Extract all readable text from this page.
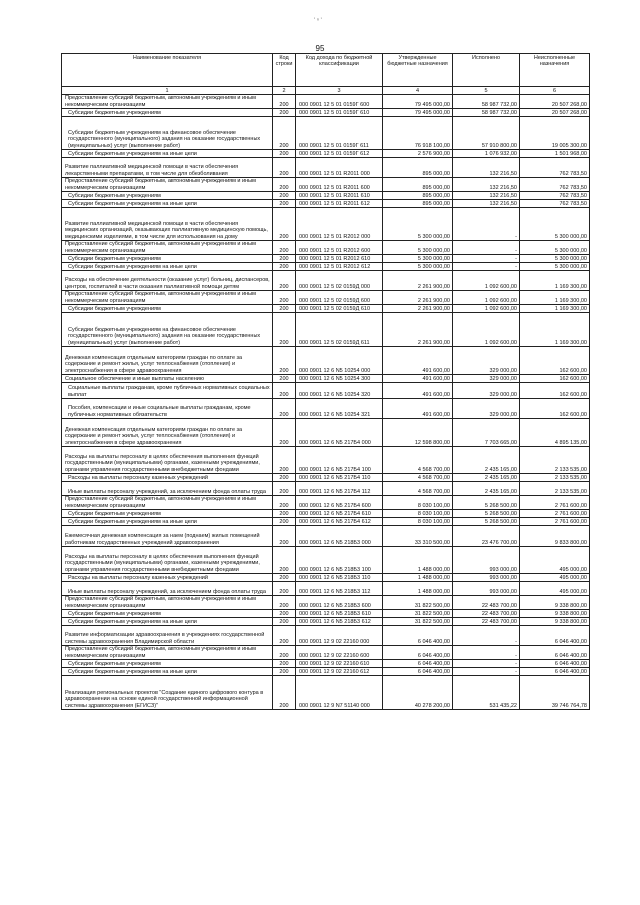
' ⁿ '
95
Наименование показателя	Код строки	Код дохода по бюджетной классификации	Утвержденные бюджетные назначения	Исполнено	Неисполненные назначения
1	2	3	4	5	6
Предоставление субсидий бюджетным, автономным учреждениям и иным некоммерческим организациям	200	000 0901 12 5 01 0159Г 600	79 495 000,00	58 987 732,00	20 507 268,00
Субсидии бюджетным учреждениям	200	000 0901 12 5 01 0159Г 610	79 495 000,00	58 987 732,00	20 507 268,00
Субсидии бюджетным учреждениям на финансовое обеспечение государственного (муниципального) задания на оказание государственных (муниципальных) услуг (выполнение работ)	200	000 0901 12 5 01 0159Г 611	76 918 100,00	57 910 800,00	19 005 300,00
Субсидии бюджетным учреждениям на иные цели	200	000 0901 12 5 01 0159Г 612	2 576 900,00	1 076 932,00	1 501 968,00
Развитие паллиативной медицинской помощи в части обеспечения лекарственными препаратами, в том числе для обезболивания	200	000 0901 12 5 01 R2011 000	895 000,00	132 216,50	762 783,50
Предоставление субсидий бюджетным, автономным учреждениям и иным некоммерческим организациям	200	000 0901 12 5 01 R2011 600	895 000,00	132 216,50	762 783,50
Субсидии бюджетным учреждениям	200	000 0901 12 5 01 R2011 610	895 000,00	132 216,50	762 783,50
Субсидии бюджетным учреждениям на иные цели	200	000 0901 12 5 01 R2011 612	895 000,00	132 216,50	762 783,50
Развитие паллиативной медицинской помощи в части обеспечения медицинских организаций, оказывающих паллиативную медицинскую помощь, медицинскими изделиями, в том числе для использования на дому	200	000 0901 12 5 01 R2012 000	5 300 000,00	-	5 300 000,00
Предоставление субсидий бюджетным, автономным учреждениям и иным некоммерческим организациям	200	000 0901 12 5 01 R2012 600	5 300 000,00	-	5 300 000,00
Субсидии бюджетным учреждениям	200	000 0901 12 5 01 R2012 610	5 300 000,00	-	5 300 000,00
Субсидии бюджетным учреждениям на иные цели	200	000 0901 12 5 01 R2012 612	5 300 000,00	-	5 300 000,00
Расходы на обеспечение деятельности (оказание услуг) больниц, диспансеров, центров, госпиталей в части оказания паллиативной помощи детям	200	000 0901 12 5 02 0159Д 000	2 261 900,00	1 092 600,00	1 169 300,00
Предоставление субсидий бюджетным, автономным учреждениям и иным некоммерческим организациям	200	000 0901 12 5 02 0159Д 600	2 261 900,00	1 092 600,00	1 169 300,00
Субсидии бюджетным учреждениям	200	000 0901 12 5 02 0159Д 610	2 261 900,00	1 092 600,00	1 169 300,00
Субсидии бюджетным учреждениям на финансовое обеспечение государственного (муниципального) задания на оказание государственных (муниципальных) услуг (выполнение работ)	200	000 0901 12 5 02 0159Д 611	2 261 900,00	1 092 600,00	1 169 300,00
Денежная компенсация отдельным категориям граждан по оплате за содержание и ремонт жилья, услуг теплоснабжения (отопления) и электроснабжения в сфере здравоохранения	200	000 0901 12 6 N5 10254 000	491 600,00	329 000,00	162 600,00
Социальное обеспечение и иные выплаты населению	200	000 0901 12 6 N5 10254 300	491 600,00	329 000,00	162 600,00
Социальные выплаты гражданам, кроме публичных нормативных социальных выплат	200	000 0901 12 6 N5 10254 320	491 600,00	329 000,00	162 600,00
Пособия, компенсации и иные социальные выплаты гражданам, кроме публичных нормативных обязательств	200	000 0901 12 6 N5 10254 321	491 600,00	329 000,00	162 600,00
Денежная компенсация отдельным категориям граждан по оплате за содержание и ремонт жилья, услуг теплоснабжения (отопления) и электроснабжения в сфере здравоохранения	200	000 0901 12 6 N5 217Б4 000	12 598 800,00	7 703 665,00	4 895 135,00
Расходы на выплаты персоналу в целях обеспечения выполнения функций государственными (муниципальными) органами, казенными учреждениями, органами управления государственными внебюджетными фондами	200	000 0901 12 6 N5 217Б4 100	4 568 700,00	2 435 165,00	2 133 535,00
Расходы на выплаты персоналу казенных учреждений	200	000 0901 12 6 N5 217Б4 110	4 568 700,00	2 435 165,00	2 133 535,00
Иные выплаты персоналу учреждений, за исключением фонда оплаты труда	200	000 0901 12 6 N5 217Б4 112	4 568 700,00	2 435 165,00	2 133 535,00
Предоставление субсидий бюджетным, автономным учреждениям и иным некоммерческим организациям	200	000 0901 12 6 N5 217Б4 600	8 030 100,00	5 268 500,00	2 761 600,00
Субсидии бюджетным учреждениям	200	000 0901 12 6 N5 217Б4 610	8 030 100,00	5 268 500,00	2 761 600,00
Субсидии бюджетным учреждениям на иные цели	200	000 0901 12 6 N5 217Б4 612	8 030 100,00	5 268 500,00	2 761 600,00
Ежемесячная денежная компенсация за наем (поднаем) жилых помещений работникам государственных учреждений здравоохранения	200	000 0901 12 6 N5 218Б3 000	33 310 500,00	23 476 700,00	9 833 800,00
Расходы на выплаты персоналу в целях обеспечения выполнения функций государственными (муниципальными) органами, казенными учреждениями, органами управления государственными внебюджетными фондами	200	000 0901 12 6 N5 218Б3 100	1 488 000,00	993 000,00	495 000,00
Расходы на выплаты персоналу казенных учреждений	200	000 0901 12 6 N5 218Б3 110	1 488 000,00	993 000,00	495 000,00
Иные выплаты персоналу учреждений, за исключением фонда оплаты труда	200	000 0901 12 6 N5 218Б3 112	1 488 000,00	993 000,00	495 000,00
Предоставление субсидий бюджетным, автономным учреждениям и иным некоммерческим организациям	200	000 0901 12 6 N5 218Б3 600	31 822 500,00	22 483 700,00	9 338 800,00
Субсидии бюджетным учреждениям	200	000 0901 12 6 N5 218Б3 610	31 822 500,00	22 483 700,00	9 338 800,00
Субсидии бюджетным учреждениям на иные цели	200	000 0901 12 6 N5 218Б3 612	31 822 500,00	22 483 700,00	9 338 800,00
Развитие информатизации здравоохранения в учреждениях государственной системы здравоохранения Владимирской области	200	000 0901 12 9 02 22160 000	6 046 400,00	-	6 046 400,00
Предоставление субсидий бюджетным, автономным учреждениям и иным некоммерческим организациям	200	000 0901 12 9 02 22160 600	6 046 400,00	-	6 046 400,00
Субсидии бюджетным учреждениям	200	000 0901 12 9 02 22160 610	6 046 400,00	-	6 046 400,00
Субсидии бюджетным учреждениям на иные цели	200	000 0901 12 9 02 22160 612	6 046 400,00	-	6 046 400,00
Реализация региональных проектов "Создание единого цифрового контура в здравоохранении на основе единой государственной информационной системы здравоохранения (ЕГИСЗ)"	200	000 0901 12 9 N7 51140 000	40 278 200,00	531 435,22	39 746 764,78
